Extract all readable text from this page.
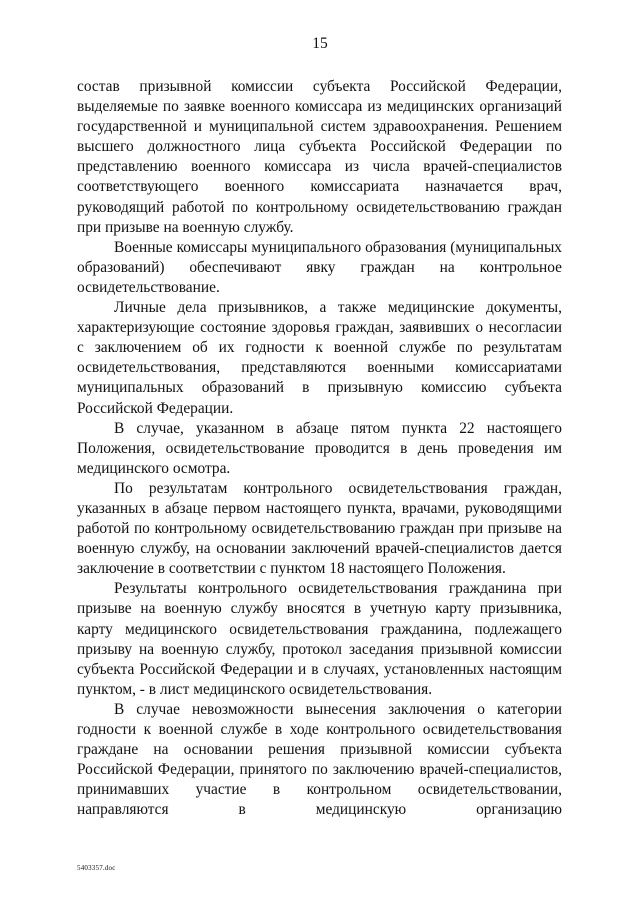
15

состав призывной комиссии субъекта Российской Федерации, выделяемые по заявке военного комиссара из медицинских организаций государственной и муниципальной систем здравоохранения. Решением высшего должностного лица субъекта Российской Федерации по представлению военного комиссара из числа врачей-специалистов соответствующего военного комиссариата назначается врач, руководящий работой по контрольному освидетельствованию граждан при призыве на военную службу.

Военные комиссары муниципального образования (муниципальных образований) обеспечивают явку граждан на контрольное освидетельствование.

Личные дела призывников, а также медицинские документы, характеризующие состояние здоровья граждан, заявивших о несогласии с заключением об их годности к военной службе по результатам освидетельствования, представляются военными комиссариатами муниципальных образований в призывную комиссию субъекта Российской Федерации.

В случае, указанном в абзаце пятом пункта 22 настоящего Положения, освидетельствование проводится в день проведения им медицинского осмотра.

По результатам контрольного освидетельствования граждан, указанных в абзаце первом настоящего пункта, врачами, руководящими работой по контрольному освидетельствованию граждан при призыве на военную службу, на основании заключений врачей-специалистов дается заключение в соответствии с пунктом 18 настоящего Положения.

Результаты контрольного освидетельствования гражданина при призыве на военную службу вносятся в учетную карту призывника, карту медицинского освидетельствования гражданина, подлежащего призыву на военную службу, протокол заседания призывной комиссии субъекта Российской Федерации и в случаях, установленных настоящим пунктом, - в лист медицинского освидетельствования.

В случае невозможности вынесения заключения о категории годности к военной службе в ходе контрольного освидетельствования граждане на основании решения призывной комиссии субъекта Российской Федерации, принятого по заключению врачей-специалистов, принимавших участие в контрольном освидетельствовании, направляются в медицинскую организацию

5403357.doc
